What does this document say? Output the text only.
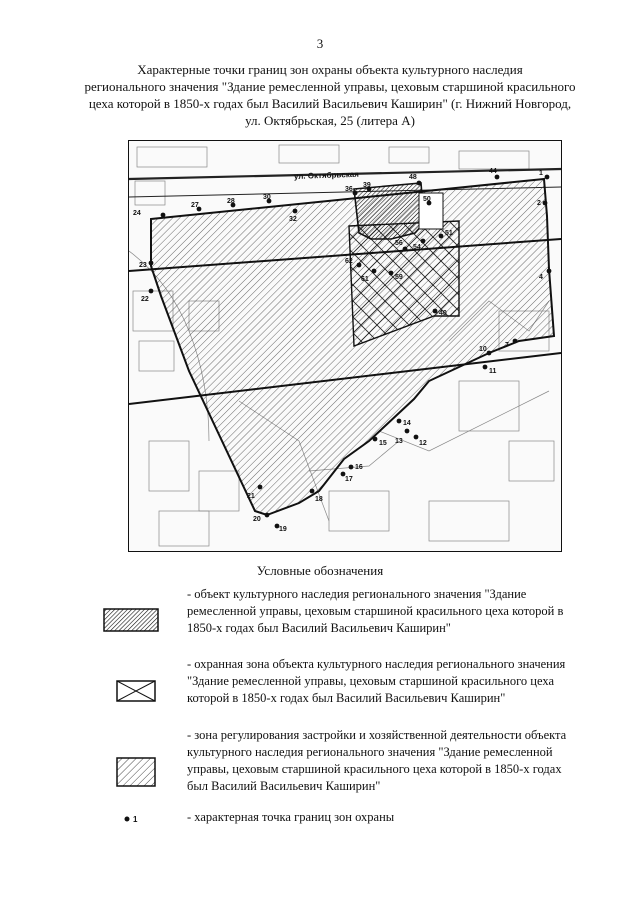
3
Характерные точки границ зон охраны объекта культурного наследия
регионального значения "Здание ремесленной управы, цеховым старшиной красильного
цеха которой в 1850-х годах был Василий Васильевич Каширин" (г. Нижний Новгород,
ул. Октябрьская, 25 (литера А)
ул. Октябрьская	1
2
4
7
10
11
12
13
14
15
16
17
18
19
20
21
22
23
24
27
28
30
32
36
39
40
48
44
50
51
54
56
59
61
62
Условные обозначения
- объект культурного наследия регионального значения "Здание
ремесленной управы, цеховым старшиной красильного цеха которой в
1850-х годах был Василий Васильевич Каширин"
- охранная зона объекта культурного наследия регионального значения
"Здание ремесленной управы, цеховым старшиной красильного цеха
которой в 1850-х годах был Василий Васильевич Каширин"
- зона регулирования застройки и хозяйственной деятельности объекта
культурного наследия регионального значения "Здание ремесленной
управы, цеховым старшиной красильного цеха которой в 1850-х годах
был Василий Васильевич Каширин"
1	- характерная точка границ зон охраны
